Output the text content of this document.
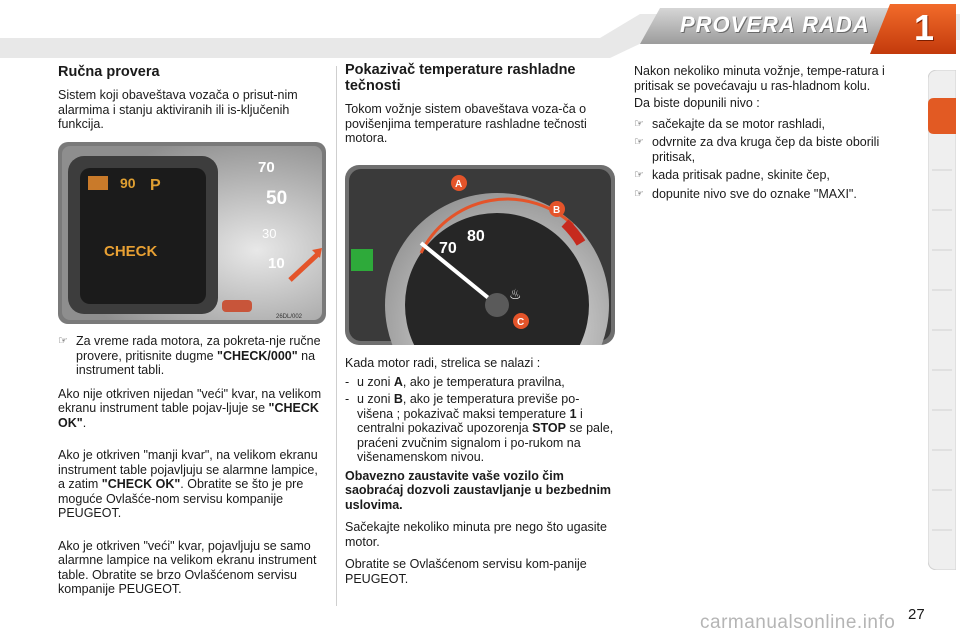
PROVERA RADA	1
Ručna provera

Sistem koji obaveštava vozača o prisut-nim alarmima i stanju aktiviranih ili is-ključenih funkcija.

90 P
CHECK
70
50
30
10
26DL/002
☞ Za vreme rada motora, za pokreta-nje ručne provere, pritisnite dugme "CHECK/000" na instrument tabli.

Ako nije otkriven nijedan "veći" kvar, na velikom ekranu instrument table pojav-ljuje se "CHECK OK".

Ako je otkriven "manji kvar", na velikom ekranu instrument table pojavljuju se alarmne lampice, a zatim "CHECK OK". Obratite se što je pre moguće Ovlašće-nom servisu kompanije PEUGEOT.

Ako je otkriven "veći" kvar, pojavljuju se samo alarmne lampice na velikom ekranu instrument table. Obratite se brzo Ovlašćenom servisu kompanije PEUGEOT.

Pokazivač temperature rashladne tečnosti

Tokom vožnje sistem obaveštava voza-ča o povišenjima temperature rashladne tečnosti motora.

70
80
♨
A
B
C

Kada motor radi, strelica se nalazi :

- u zoni A, ako je temperatura pravilna,
- u zoni B, ako je temperatura previše po-višena ; pokazivač maksi temperature 1 i centralni pokazivač upozorenja STOP se pale, praćeni zvučnim signalom i po-rukom na višenamenskom nivou.

Obavezno zaustavite vaše vozilo čim saobraćaj dozvoli zaustavljanje u bezbednim uslovima.

Sačekajte nekoliko minuta pre nego što ugasite motor.

Obratite se Ovlašćenom servisu kom-panije PEUGEOT.

Nakon nekoliko minuta vožnje, tempe-ratura i pritisak se povećavaju u ras-hladnom kolu.

Da biste dopunili nivo :

☞ sačekajte da se motor rashladi,
☞ odvrnite za dva kruga čep da biste oborili pritisak,
☞ kada pritisak padne, skinite čep,
☞ dopunite nivo sve do oznake "MAXI".
carmanualsonline.info 27
